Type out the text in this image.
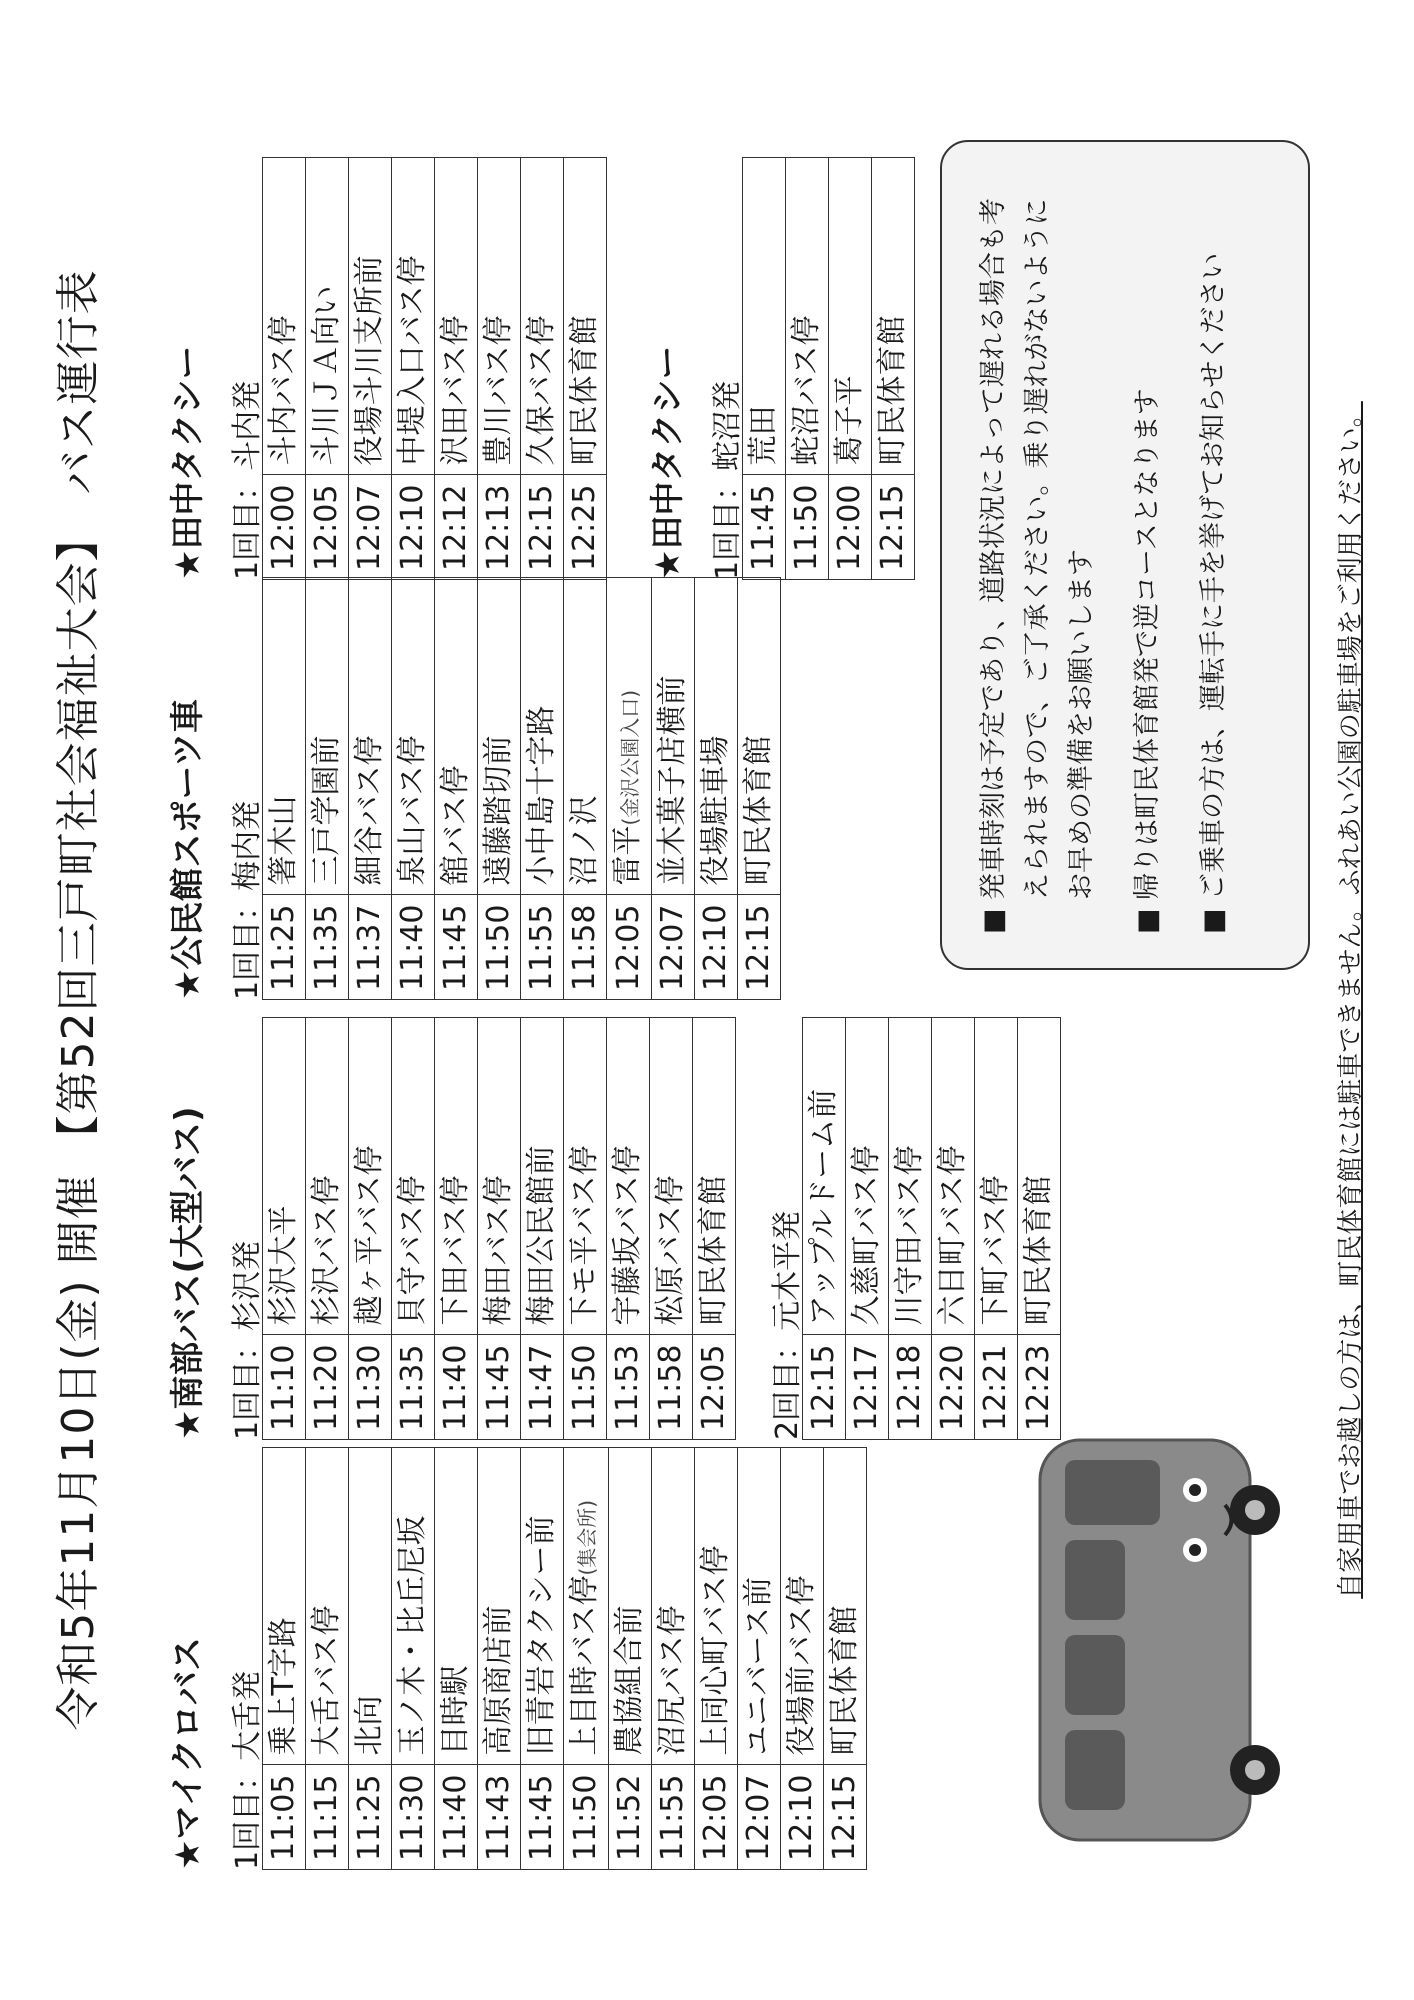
令和5年11月10日(金) 開催 【第52回三戸町社会福祉大会】バス運行表
★マイクロバス 1回目：大舌発 11:05	乗上T字路
11:15	大舌バス停
11:25	北向
11:30	玉ノ木・比丘尼坂
11:40	目時駅
11:43	高原商店前
11:45	旧青岩タクシー前
11:50	上目時バス停(集会所)
11:52	農協組合前
11:55	沼尻バス停
12:05	上同心町バス停
12:07	ユニバース前
12:10	役場前バス停
12:15	町民体育館
★南部バス(大型バス) 1回目：杉沢発 11:10	杉沢大平
11:20	杉沢バス停
11:30	越ヶ平バス停
11:35	貝守バス停
11:40	下田バス停
11:45	梅田バス停
11:47	梅田公民館前
11:50	下モ平バス停
11:53	宇藤坂バス停
11:58	松原バス停
12:05	町民体育館 2回目：元木平発 12:15	アップルドーム前
12:17	久慈町バス停
12:18	川守田バス停
12:20	六日町バス停
12:21	下町バス停
12:23	町民体育館
★公民館スポーツ車 1回目：梅内発 11:25	箸木山
11:35	三戸学園前
11:37	細谷バス停
11:40	泉山バス停
11:45	舘バス停
11:50	遠藤踏切前
11:55	小中島十字路
11:58	沼ノ沢
12:05	雷平(金沢公園入口)
12:07	並木菓子店横前
12:10	役場駐車場
12:15	町民体育館
★田中タクシー 1回目：斗内発 12:00	斗内バス停
12:05	斗川ＪＡ向い
12:07	役場斗川支所前
12:10	中堤入口バス停
12:12	沢田バス停
12:13	豊川バス停
12:15	久保バス停
12:25	町民体育館 ★田中タクシー 1回目：蛇沼発 11:45	荒田
11:50	蛇沼バス停
12:00	葛子平
12:15	町民体育館
■
発車時刻は予定であり、道路状況によって遅れる場合も考えられますので、ご了承ください。乗り遅れがないようにお早めの準備をお願いします
■
帰りは町民体育館発で逆コースとなります
■
ご乗車の方は、運転手に手を挙げてお知らせください	自家用車でお越しの方は、町民体育館には駐車できません。ふれあい公園の駐車場をご利用ください。
